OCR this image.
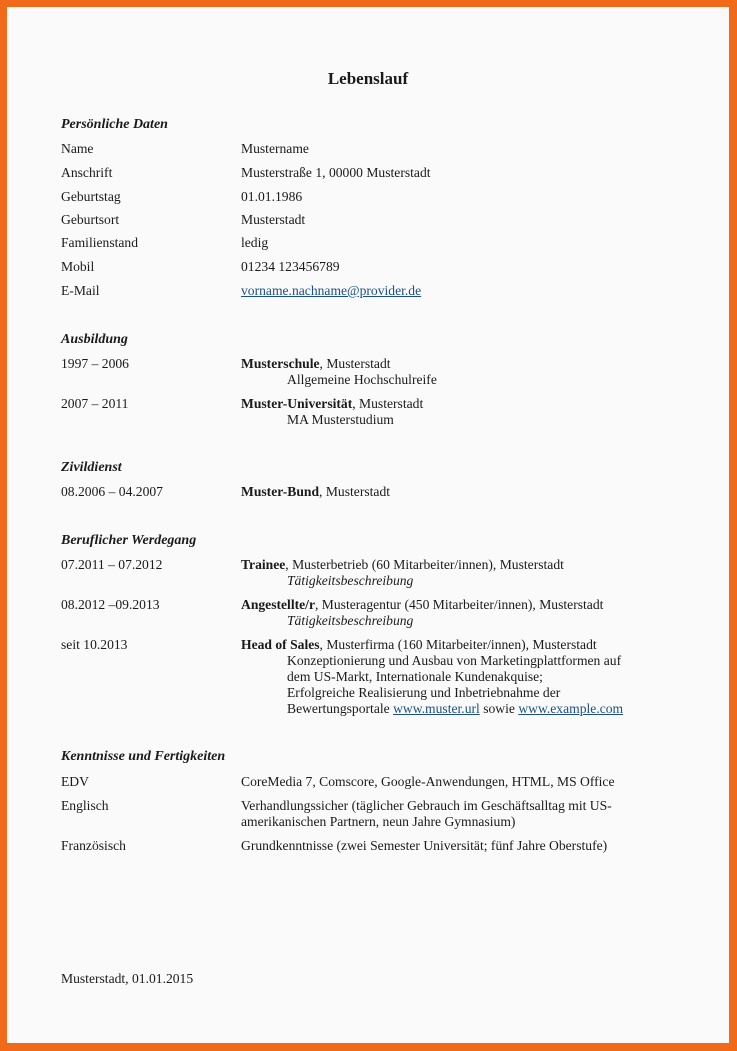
Lebenslauf
Persönliche Daten
Name	Mustername
Anschrift	Musterstraße 1, 00000 Musterstadt
Geburtstag	01.01.1986
Geburtsort	Musterstadt
Familienstand	ledig
Mobil	01234 123456789
E-Mail	vorname.nachname@provider.de
Ausbildung
1997 – 2006	Musterschule, Musterstadt
Allgemeine Hochschulreife
2007 – 2011	Muster-Universität, Musterstadt
MA Musterstudium
Zivildienst
08.2006 – 04.2007	Muster-Bund, Musterstadt
Beruflicher Werdegang
07.2011 – 07.2012	Trainee, Musterbetrieb (60 Mitarbeiter/innen), Musterstadt
Tätigkeitsbeschreibung
08.2012 –09.2013	Angestellte/r, Musteragentur (450 Mitarbeiter/innen), Musterstadt
Tätigkeitsbeschreibung
seit 10.2013	Head of Sales, Musterfirma (160 Mitarbeiter/innen), Musterstadt
Konzeptionierung und Ausbau von Marketingplattformen auf
dem US-Markt, Internationale Kundenakquise;
Erfolgreiche Realisierung und Inbetriebnahme der
Bewertungsportale www.muster.url sowie www.example.com
Kenntnisse und Fertigkeiten
EDV	CoreMedia 7, Comscore, Google-Anwendungen, HTML, MS Office
Englisch	Verhandlungssicher (täglicher Gebrauch im Geschäftsalltag mit US-
amerikanischen Partnern, neun Jahre Gymnasium)
Französisch	Grundkenntnisse (zwei Semester Universität; fünf Jahre Oberstufe)
Musterstadt, 01.01.2015
